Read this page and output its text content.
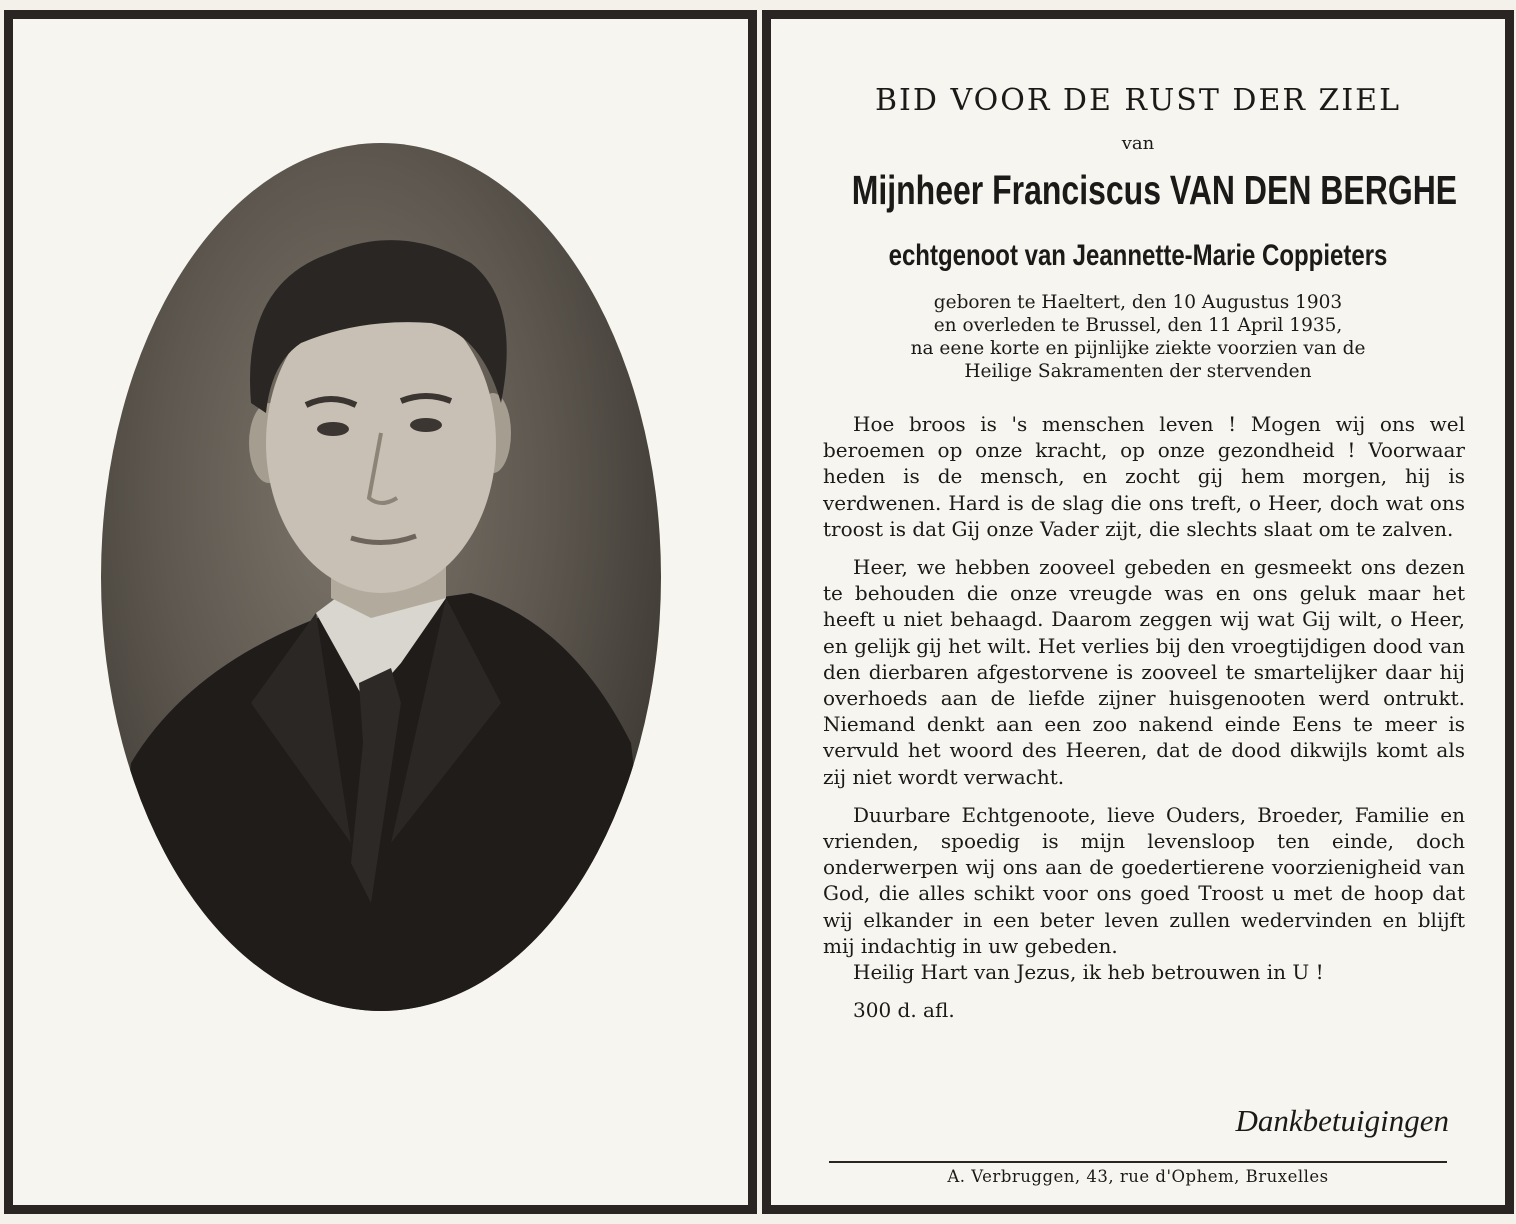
BID VOOR DE RUST DER ZIEL
van
Mijnheer Franciscus VAN DEN BERGHE
echtgenoot van Jeannette-Marie Coppieters
geboren te Haeltert, den 10 Augustus 1903
en overleden te Brussel, den 11 April 1935,
na eene korte en pijnlijke ziekte voorzien van de
Heilige Sakramenten der stervenden

Hoe broos is 's menschen leven ! Mogen wij ons wel beroemen op onze kracht, op onze gezondheid ! Voorwaar heden is de mensch, en zocht gij hem morgen, hij is verdwenen. Hard is de slag die ons treft, o Heer, doch wat ons troost is dat Gij onze Vader zijt, die slechts slaat om te zalven.

Heer, we hebben zooveel gebeden en gesmeekt ons dezen te behouden die onze vreugde was en ons geluk maar het heeft u niet behaagd. Daarom zeggen wij wat Gij wilt, o Heer, en gelijk gij het wilt. Het verlies bij den vroegtijdigen dood van den dierbaren afgestorvene is zooveel te smartelijker daar hij overhoeds aan de liefde zijner huisgenooten werd ontrukt. Niemand denkt aan een zoo nakend einde Eens te meer is vervuld het woord des Heeren, dat de dood dikwijls komt als zij niet wordt verwacht.

Duurbare Echtgenoote, lieve Ouders, Broeder, Familie en vrienden, spoedig is mijn levensloop ten einde, doch onderwerpen wij ons aan de goedertierene voorzienigheid van God, die alles schikt voor ons goed Troost u met de hoop dat wij elkander in een beter leven zullen wedervinden en blijft mij indachtig in uw gebeden.

Heilig Hart van Jezus, ik heb betrouwen in U !

300 d. afl.

Dankbetuigingen
A. Verbruggen, 43, rue d'Ophem, Bruxelles
